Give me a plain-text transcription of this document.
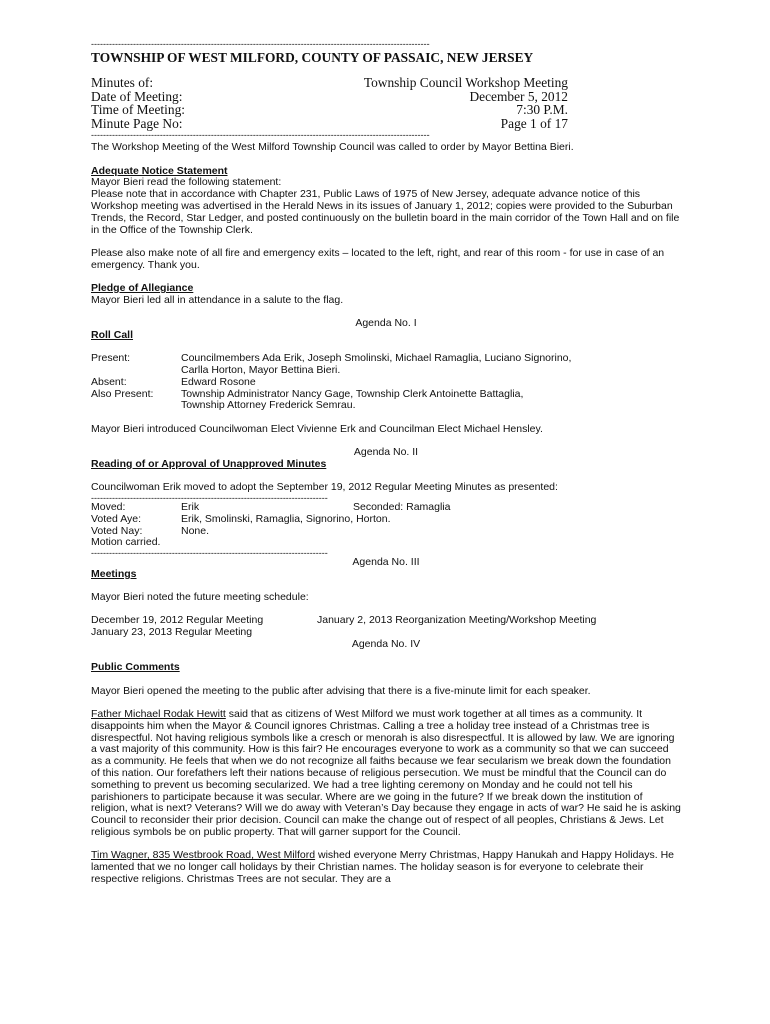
-----------------------------------------------------------------------------------------------------------------
TOWNSHIP OF WEST MILFORD, COUNTY OF PASSAIC, NEW JERSEY
Minutes of:	Township Council Workshop Meeting
Date of Meeting:	December 5, 2012
Time of Meeting:	7:30 P.M.
Minute Page No:	Page 1 of 17
-----------------------------------------------------------------------------------------------------------------

The Workshop Meeting of the West Milford Township Council was called to order by Mayor Bettina Bieri.

Adequate Notice Statement

Mayor Bieri read the following statement:

Please note that in accordance with Chapter 231, Public Laws of 1975 of New Jersey, adequate advance notice of this Workshop meeting was advertised in the Herald News in its issues of January 1, 2012; copies were provided to the Suburban Trends, the Record, Star Ledger, and posted continuously on the bulletin board in the main corridor of the Town Hall and on file in the Office of the Township Clerk.

Please also make note of all fire and emergency exits – located to the left, right, and rear of this room - for use in case of an emergency. Thank you.

Pledge of Allegiance

Mayor Bieri led all in attendance in a salute to the flag.

Agenda No. I

Roll Call

Present:	Councilmembers Ada Erik, Joseph Smolinski, Michael Ramaglia, Luciano Signorino,

Carlla Horton, Mayor Bettina Bieri.

Absent:	Edward Rosone

Also Present:	Township Administrator Nancy Gage, Township Clerk Antoinette Battaglia,

Township Attorney Frederick Semrau.

Mayor Bieri introduced Councilwoman Elect Vivienne Erk and Councilman Elect Michael Hensley.

Agenda No. II

Reading of or Approval of Unapproved Minutes

Councilwoman Erik moved to adopt the September 19, 2012 Regular Meeting Minutes as presented:

-------------------------------------------------------------------------------
Moved:	Erik	Seconded: Ramaglia
Voted Aye:	Erik, Smolinski, Ramaglia, Signorino, Horton.
Voted Nay:	None.

Motion carried.

-------------------------------------------------------------------------------

Agenda No. III

Meetings

Mayor Bieri noted the future meeting schedule:

December 19, 2012 Regular Meeting	January 2, 2013 Reorganization Meeting/Workshop Meeting

January 23, 2013 Regular Meeting

Agenda No. IV

Public Comments

Mayor Bieri opened the meeting to the public after advising that there is a five-minute limit for each speaker.

Father Michael Rodak Hewitt said that as citizens of West Milford we must work together at all times as a community. It disappoints him when the Mayor & Council ignores Christmas. Calling a tree a holiday tree instead of a Christmas tree is disrespectful. Not having religious symbols like a cresch or menorah is also disrespectful. It is allowed by law. We are ignoring a vast majority of this community. How is this fair? He encourages everyone to work as a community so that we can succeed as a community. He feels that when we do not recognize all faiths because we fear secularism we break down the foundation of this nation. Our forefathers left their nations because of religious persecution. We must be mindful that the Council can do something to prevent us becoming secularized. We had a tree lighting ceremony on Monday and he could not tell his parishioners to participate because it was secular. Where are we going in the future? If we break down the institution of religion, what is next? Veterans? Will we do away with Veteran’s Day because they engage in acts of war? He said he is asking Council to reconsider their prior decision. Council can make the change out of respect of all peoples, Christians & Jews. Let religious symbols be on public property. That will garner support for the Council.

Tim Wagner, 835 Westbrook Road, West Milford wished everyone Merry Christmas, Happy Hanukah and Happy Holidays. He lamented that we no longer call holidays by their Christian names. The holiday season is for everyone to celebrate their respective religions. Christmas Trees are not secular. They are a
